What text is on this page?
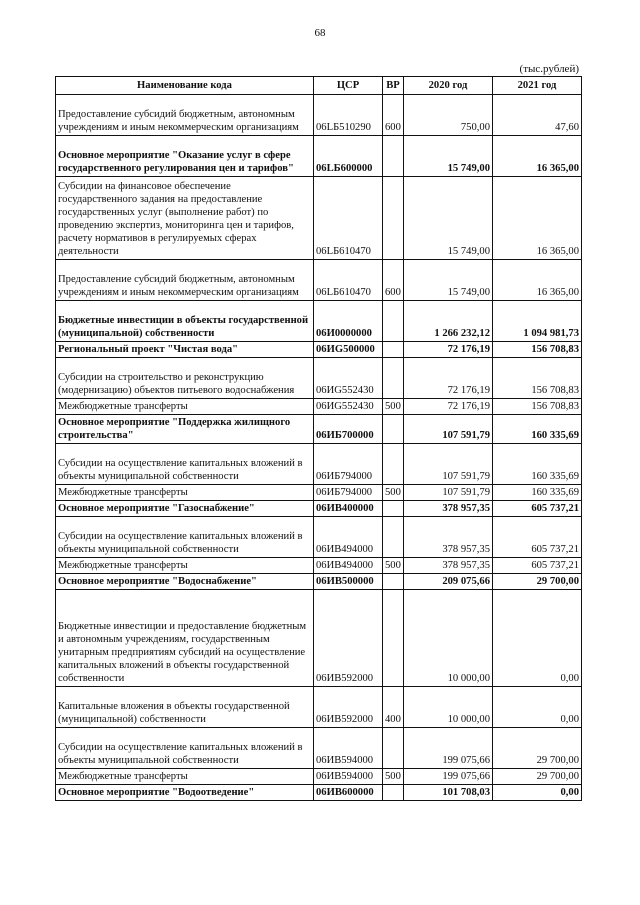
68
(тыс.рублей)
Наименование кода	ЦСР	ВР	2020 год	2021 год
Предоставление субсидий бюджетным, автономным учреждениям и иным некоммерческим организациям	06LБ510290	600	750,00	47,60
Основное мероприятие "Оказание услуг в сфере государственного регулирования цен и тарифов"	06LБ600000		15 749,00	16 365,00
Субсидии на финансовое обеспечение государственного задания на предоставление государственных услуг (выполнение работ) по проведению экспертиз, мониторинга цен и тарифов, расчету нормативов в регулируемых сферах деятельности	06LБ610470		15 749,00	16 365,00
Предоставление субсидий бюджетным, автономным учреждениям и иным некоммерческим организациям	06LБ610470	600	15 749,00	16 365,00
Бюджетные инвестиции в объекты государственной (муниципальной) собственности	06И0000000		1 266 232,12	1 094 981,73
Региональный проект "Чистая вода"	06ИG500000		72 176,19	156 708,83
Субсидии на строительство и реконструкцию (модернизацию) объектов питьевого водоснабжения	06ИG552430		72 176,19	156 708,83
Межбюджетные трансферты	06ИG552430	500	72 176,19	156 708,83
Основное мероприятие "Поддержка жилищного строительства"	06ИБ700000		107 591,79	160 335,69
Субсидии на осуществление капитальных вложений в объекты муниципальной собственности	06ИБ794000		107 591,79	160 335,69
Межбюджетные трансферты	06ИБ794000	500	107 591,79	160 335,69
Основное мероприятие "Газоснабжение"	06ИВ400000		378 957,35	605 737,21
Субсидии на осуществление капитальных вложений в объекты муниципальной собственности	06ИВ494000		378 957,35	605 737,21
Межбюджетные трансферты	06ИВ494000	500	378 957,35	605 737,21
Основное мероприятие "Водоснабжение"	06ИВ500000		209 075,66	29 700,00
Бюджетные инвестиции и предоставление бюджетным и автономным учреждениям, государственным унитарным предприятиям субсидий на осуществление капитальных вложений в объекты государственной собственности	06ИВ592000		10 000,00	0,00
Капитальные вложения в объекты государственной (муниципальной) собственности	06ИВ592000	400	10 000,00	0,00
Субсидии на осуществление капитальных вложений в объекты муниципальной собственности	06ИВ594000		199 075,66	29 700,00
Межбюджетные трансферты	06ИВ594000	500	199 075,66	29 700,00
Основное мероприятие "Водоотведение"	06ИВ600000		101 708,03	0,00
